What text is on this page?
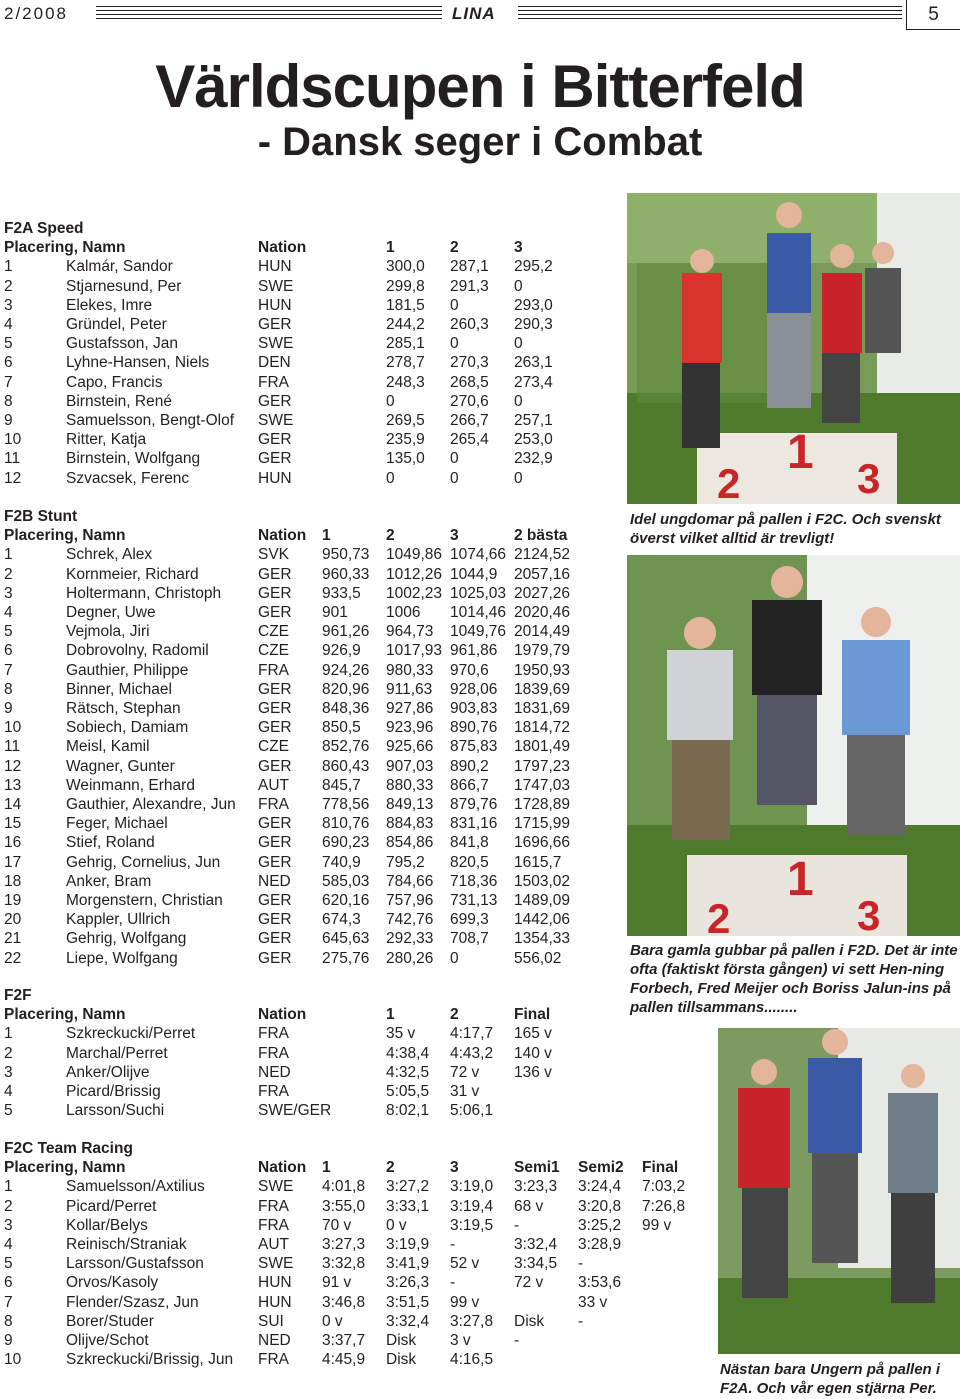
2/2008	LINA	5
Världscupen i Bitterfeld
- Dansk seger i Combat
F2A Speed
Placering, Namn		Nation	1	2	3
1	Kalmár, Sandor	HUN	300,0	287,1	295,2
2	Stjarnesund, Per	SWE	299,8	291,3	0
3	Elekes, Imre	HUN	181,5	0	293,0
4	Gründel, Peter	GER	244,2	260,3	290,3
5	Gustafsson, Jan	SWE	285,1	0	0
6	Lyhne-Hansen, Niels	DEN	278,7	270,3	263,1
7	Capo, Francis	FRA	248,3	268,5	273,4
8	Birnstein, René	GER	0	270,6	0
9	Samuelsson, Bengt-Olof	SWE	269,5	266,7	257,1
10	Ritter, Katja	GER	235,9	265,4	253,0
11	Birnstein, Wolfgang	GER	135,0	0	232,9
12	Szvacsek, Ferenc	HUN	0	0	0
F2B Stunt
Placering, Namn		Nation	1	2	3	2 bästa
1	Schrek, Alex	SVK	950,73	1049,86	1074,66	2124,52
2	Kornmeier, Richard	GER	960,33	1012,26	1044,9	2057,16
3	Holtermann, Christoph	GER	933,5	1002,23	1025,03	2027,26
4	Degner, Uwe	GER	901	1006	1014,46	2020,46
5	Vejmola, Jiri	CZE	961,26	964,73	1049,76	2014,49
6	Dobrovolny, Radomil	CZE	926,9	1017,93	961,86	1979,79
7	Gauthier, Philippe	FRA	924,26	980,33	970,6	1950,93
8	Binner, Michael	GER	820,96	911,63	928,06	1839,69
9	Rätsch, Stephan	GER	848,36	927,86	903,83	1831,69
10	Sobiech, Damiam	GER	850,5	923,96	890,76	1814,72
11	Meisl, Kamil	CZE	852,76	925,66	875,83	1801,49
12	Wagner, Gunter	GER	860,43	907,03	890,2	1797,23
13	Weinmann, Erhard	AUT	845,7	880,33	866,7	1747,03
14	Gauthier, Alexandre, Jun	FRA	778,56	849,13	879,76	1728,89
15	Feger, Michael	GER	810,76	884,83	831,16	1715,99
16	Stief, Roland	GER	690,23	854,86	841,8	1696,66
17	Gehrig, Cornelius, Jun	GER	740,9	795,2	820,5	1615,7
18	Anker, Bram	NED	585,03	784,66	718,36	1503,02
19	Morgenstern, Christian	GER	620,16	757,96	731,13	1489,09
20	Kappler, Ullrich	GER	674,3	742,76	699,3	1442,06
21	Gehrig, Wolfgang	GER	645,63	292,33	708,7	1354,33
22	Liepe, Wolfgang	GER	275,76	280,26	0	556,02
F2F
Placering, Namn		Nation	1	2	Final
1	Szkreckucki/Perret	FRA	35 v	4:17,7	165 v
2	Marchal/Perret	FRA	4:38,4	4:43,2	140 v
3	Anker/Olijve	NED	4:32,5	72 v	136 v
4	Picard/Brissig	FRA	5:05,5	31 v	
5	Larsson/Suchi	SWE/GER	8:02,1	5:06,1	
F2C Team Racing
Placering, Namn		Nation	1	2	3	Semi1	Semi2	Final
1	Samuelsson/Axtilius	SWE	4:01,8	3:27,2	3:19,0	3:23,3	3:24,4	7:03,2
2	Picard/Perret	FRA	3:55,0	3:33,1	3:19,4	68 v	3:20,8	7:26,8
3	Kollar/Belys	FRA	70 v	0 v	3:19,5	-	3:25,2	99 v
4	Reinisch/Straniak	AUT	3:27,3	3:19,9	-	3:32,4	3:28,9	
5	Larsson/Gustafsson	SWE	3:32,8	3:41,9	52 v	3:34,5	-	
6	Orvos/Kasoly	HUN	91 v	3:26,3	-	72 v	3:53,6	
7	Flender/Szasz, Jun	HUN	3:46,8	3:51,5	99 v		33 v	
8	Borer/Studer	SUI	0 v	3:32,4	3:27,8	Disk	-	
9	Olijve/Schot	NED	3:37,7	Disk	3 v	-		
10	Szkreckucki/Brissig, Jun	FRA	4:45,9	Disk	4:16,5			
1
2	3
Idel ungdomar på pallen i F2C. Och svenskt överst vilket alltid är trevligt!
1
2	3
Bara gamla gubbar på pallen i F2D. Det är inte ofta (faktiskt första gången) vi sett Hen-ning Forbech, Fred Meijer och Boriss Jalun-ins på pallen tillsammans........
Nästan bara Ungern på pallen i F2A. Och vår egen stjärna Per.
